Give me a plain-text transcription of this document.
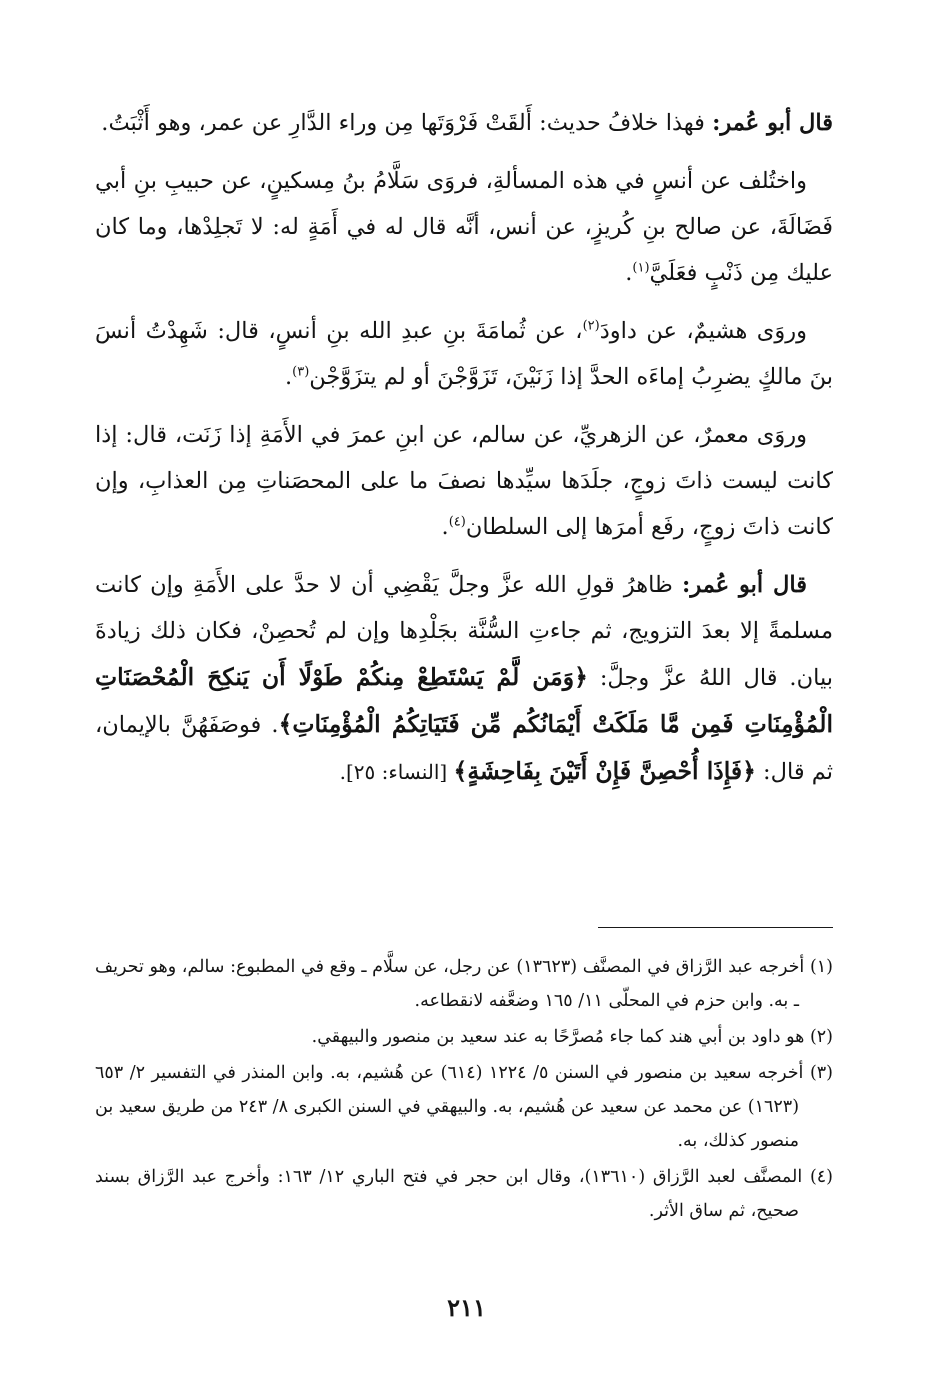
قال أبو عُمر: فهذا خلافُ حديث: أَلقَتْ فَرْوَتَها مِن وراء الدَّارِ عن عمر، وهو أَثْبَتُ.

واختُلف عن أنسٍ في هذه المسألةِ، فروَى سَلَّامُ بنُ مِسكينٍ، عن حبيبِ بنِ أبي فَضَالَةَ، عن صالح بنِ كُريزٍ، عن أنس، أنَّه قال له في أَمَةٍ له: لا تَجلِدْها، وما كان عليك مِن ذَنْبٍ فعَلَيَّ$^{(١)}$.

وروَى هشيمٌ، عن داودَ$^{(٢)}$، عن ثُمامَةَ بنِ عبدِ الله بنِ أنسٍ، قال: شَهِدْتُ أنسَ بنَ مالكٍ يضرِبُ إماءَه الحدَّ إذا زَنَيْنَ، تَزَوَّجْنَ أو لم يتزَوَّجْن$^{(٣)}$.

وروَى معمرٌ، عن الزهريِّ، عن سالم، عن ابنِ عمرَ في الأَمَةِ إذا زَنَت، قال: إذا كانت ليست ذاتَ زوجٍ، جلَدَها سيِّدها نصفَ ما على المحصَناتِ مِن العذابِ، وإن كانت ذاتَ زوجٍ، رفَع أمرَها إلى السلطان$^{(٤)}$.

قال أبو عُمر: ظاهرُ قولِ الله عزَّ وجلَّ يَقْضِي أن لا حدَّ على الأَمَةِ وإن كانت مسلمةً إلا بعدَ التزويج، ثم جاءتِ السُّنَّة بجَلْدِها وإن لم تُحصِنْ، فكان ذلك زيادةَ بيان. قال اللهُ عزَّ وجلَّ: ﴿وَمَن لَّمْ يَسْتَطِعْ مِنكُمْ طَوْلًا أَن يَنكِحَ الْمُحْصَنَاتِ الْمُؤْمِنَاتِ فَمِن مَّا مَلَكَتْ أَيْمَانُكُم مِّن فَتَيَاتِكُمُ الْمُؤْمِنَاتِ﴾. فوصَفَهُنَّ بالإيمان، ثم قال: ﴿فَإِذَا أُحْصِنَّ فَإِنْ أَتَيْنَ بِفَاحِشَةٍ﴾ [النساء: ٢٥].

(١) أخرجه عبد الرَّزاق في المصنَّف (١٣٦٢٣) عن رجل، عن سلَّام ـ وقع في المطبوع: سالم، وهو تحريف ـ به. وابن حزم في المحلّى ١١/ ١٦٥ وضعَّفه لانقطاعه.

(٢) هو داود بن أبي هند كما جاء مُصرَّحًا به عند سعيد بن منصور والبيهقي.

(٣) أخرجه سعيد بن منصور في السنن ٥/ ١٢٢٤ (٦١٤) عن هُشيم، به. وابن المنذر في التفسير ٢/ ٦٥٣ (١٦٢٣) عن محمد عن سعيد عن هُشيم، به. والبيهقي في السنن الكبرى ٨/ ٢٤٣ من طريق سعيد بن منصور كذلك، به.

(٤) المصنَّف لعبد الرَّزاق (١٣٦١٠)، وقال ابن حجر في فتح الباري ١٢/ ١٦٣: وأخرج عبد الرَّزاق بسند صحيح، ثم ساق الأثر.

٢١١
